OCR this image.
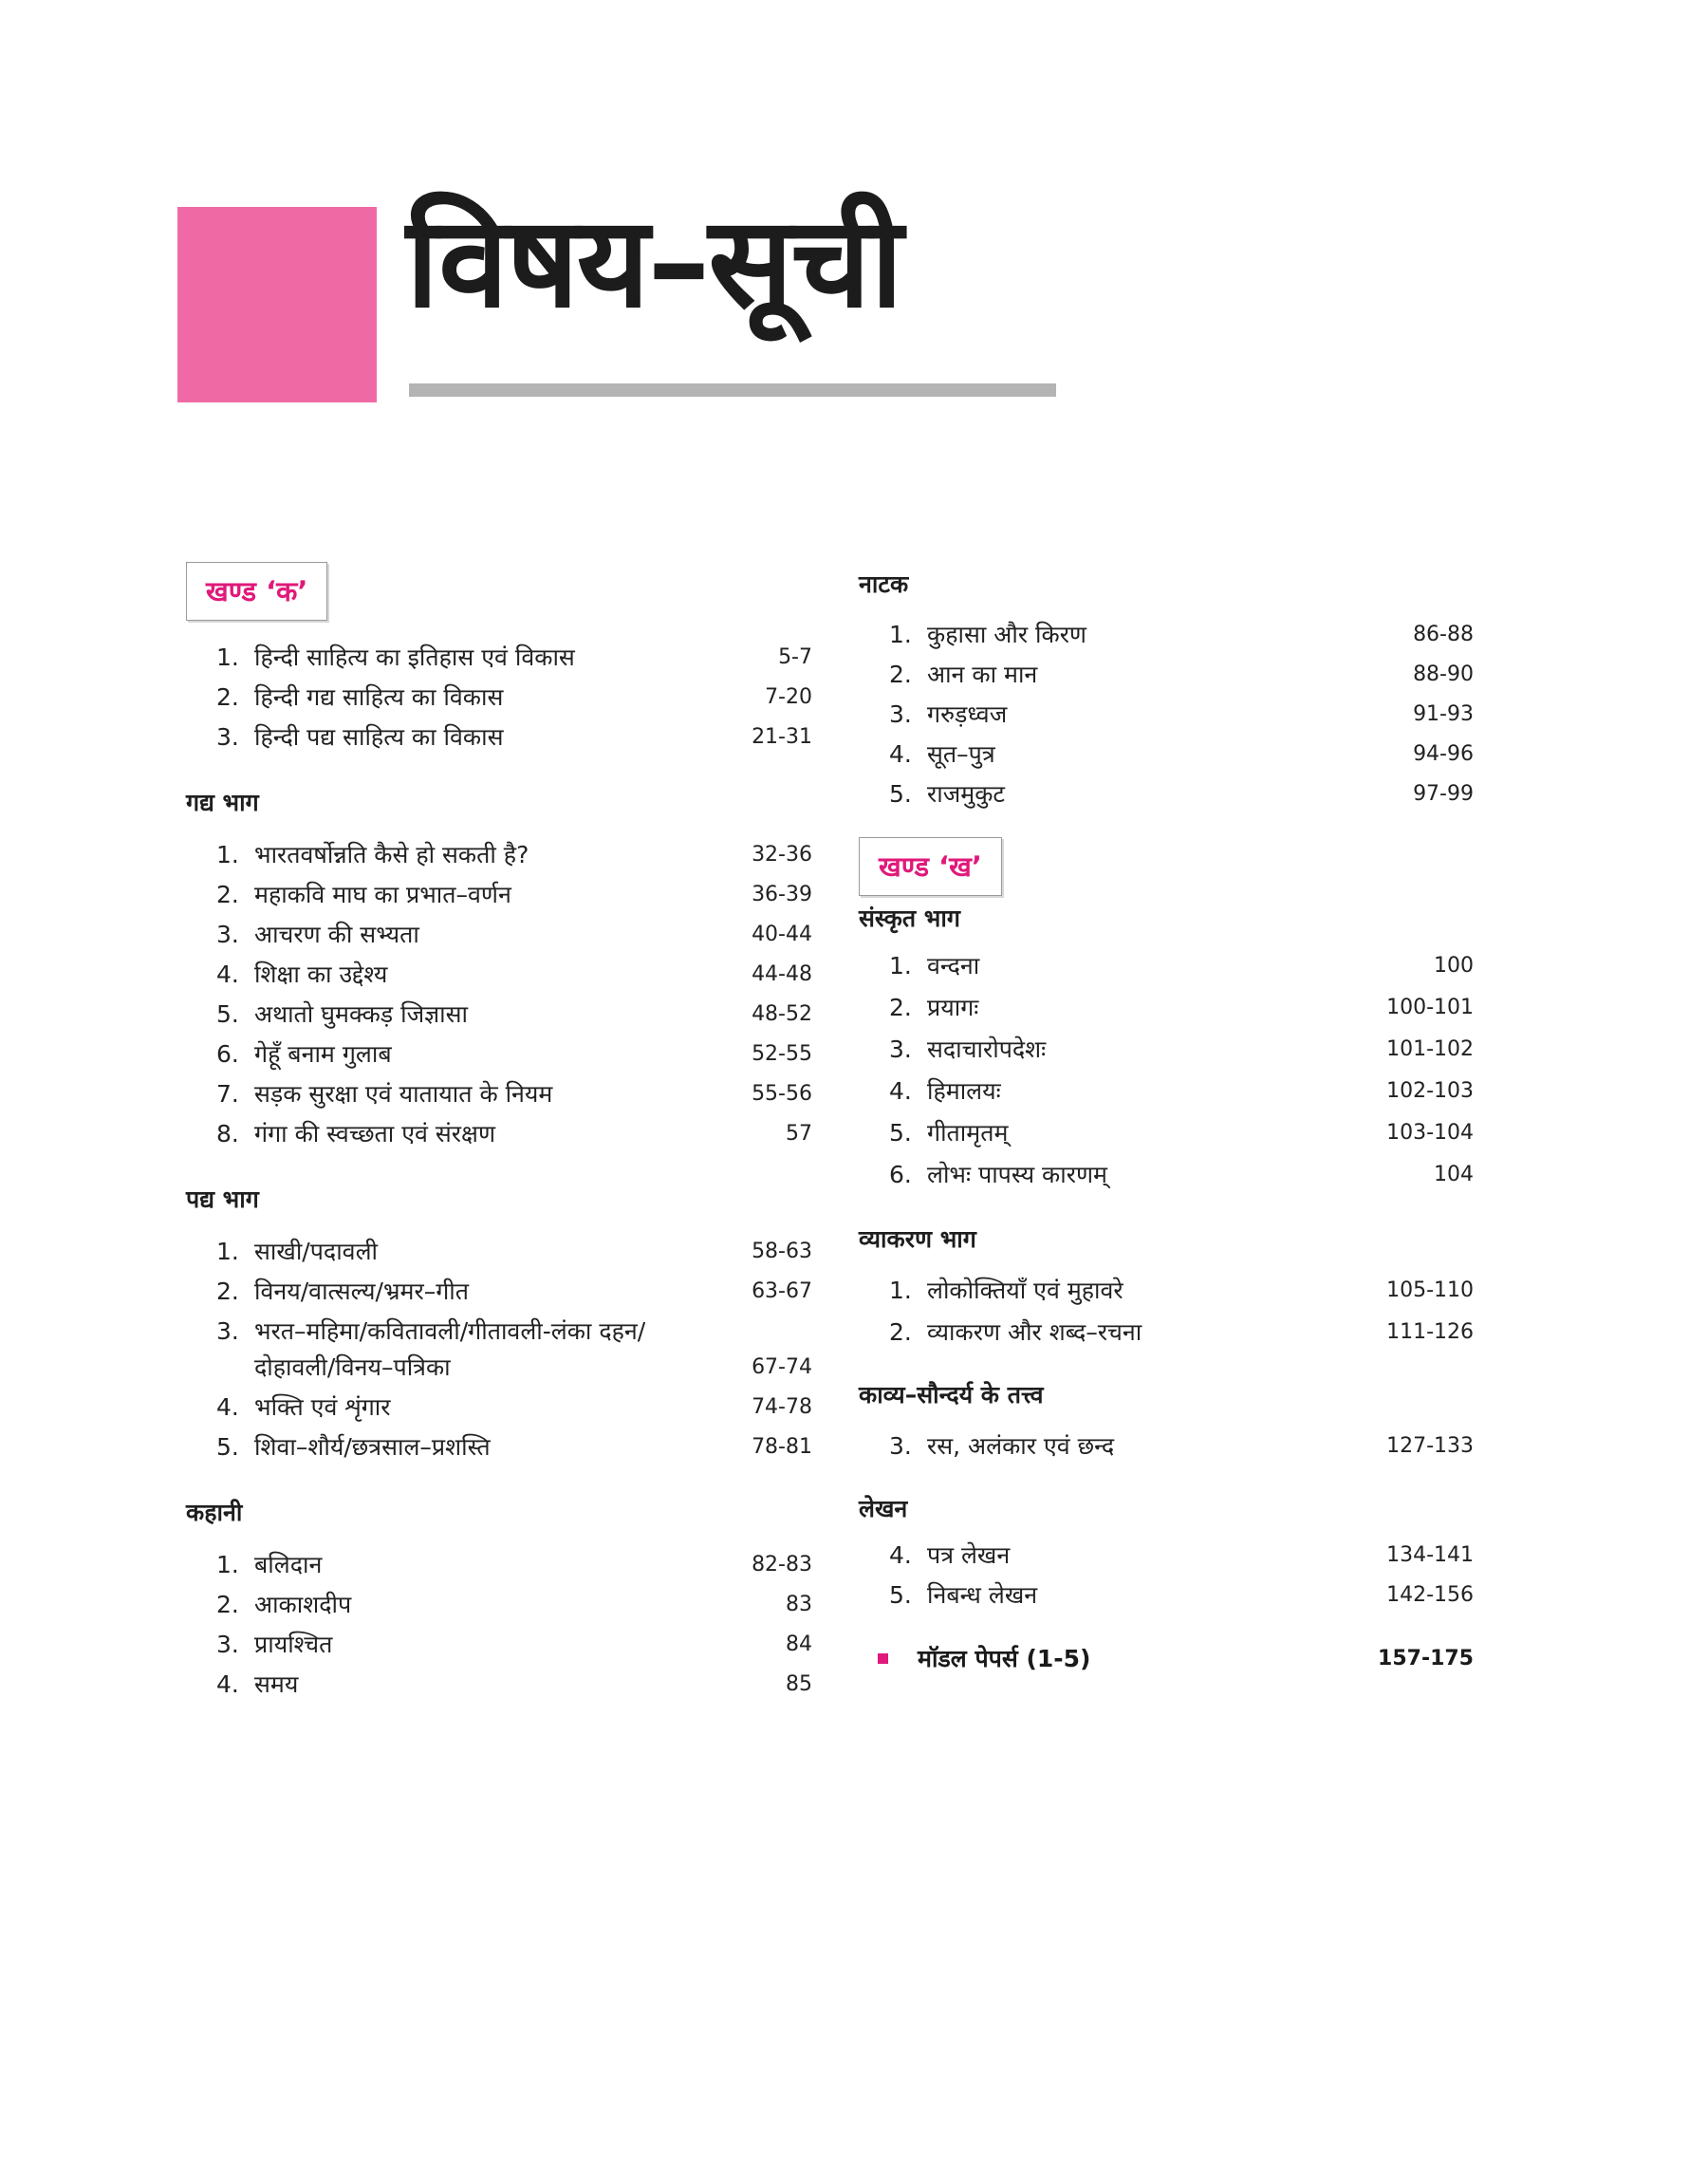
विषय–सूची
खण्ड ‘क’
1. हिन्दी साहित्य का इतिहास एवं विकास	5-7
2. हिन्दी गद्य साहित्य का विकास	7-20
3. हिन्दी पद्य साहित्य का विकास	21-31
गद्य भाग
1. भारतवर्षोन्नति कैसे हो सकती है?	32-36
2. महाकवि माघ का प्रभात–वर्णन	36-39
3. आचरण की सभ्यता	40-44
4. शिक्षा का उद्देश्य	44-48
5. अथातो घुमक्कड़ जिज्ञासा	48-52
6. गेहूँ बनाम गुलाब	52-55
7. सड़क सुरक्षा एवं यातायात के नियम	55-56
8. गंगा की स्वच्छता एवं संरक्षण	57
पद्य भाग
1. साखी/पदावली	58-63
2. विनय/वात्सल्य/भ्रमर–गीत	63-67
3. भरत–महिमा/कवितावली/गीतावली-लंका दहन/ दोहावली/विनय–पत्रिका	67-74
4. भक्ति एवं शृंगार	74-78
5. शिवा–शौर्य/छत्रसाल–प्रशस्ति	78-81
कहानी
1. बलिदान	82-83
2. आकाशदीप	83
3. प्रायश्चित	84
4. समय	85
नाटक
1. कुहासा और किरण	86-88
2. आन का मान	88-90
3. गरुड़ध्वज	91-93
4. सूत–पुत्र	94-96
5. राजमुकुट	97-99
खण्ड ‘ख’
संस्कृत भाग
1. वन्दना	100
2. प्रयागः	100-101
3. सदाचारोपदेशः	101-102
4. हिमालयः	102-103
5. गीतामृतम्	103-104
6. लोभः पापस्य कारणम्	104
व्याकरण भाग
1. लोकोक्तियाँ एवं मुहावरे	105-110
2. व्याकरण और शब्द–रचना	111-126
काव्य–सौन्दर्य के तत्त्व
3. रस, अलंकार एवं छन्द	127-133
लेखन
4. पत्र लेखन	134-141
5. निबन्ध लेखन	142-156
मॉडल पेपर्स (1-5)	157-175
